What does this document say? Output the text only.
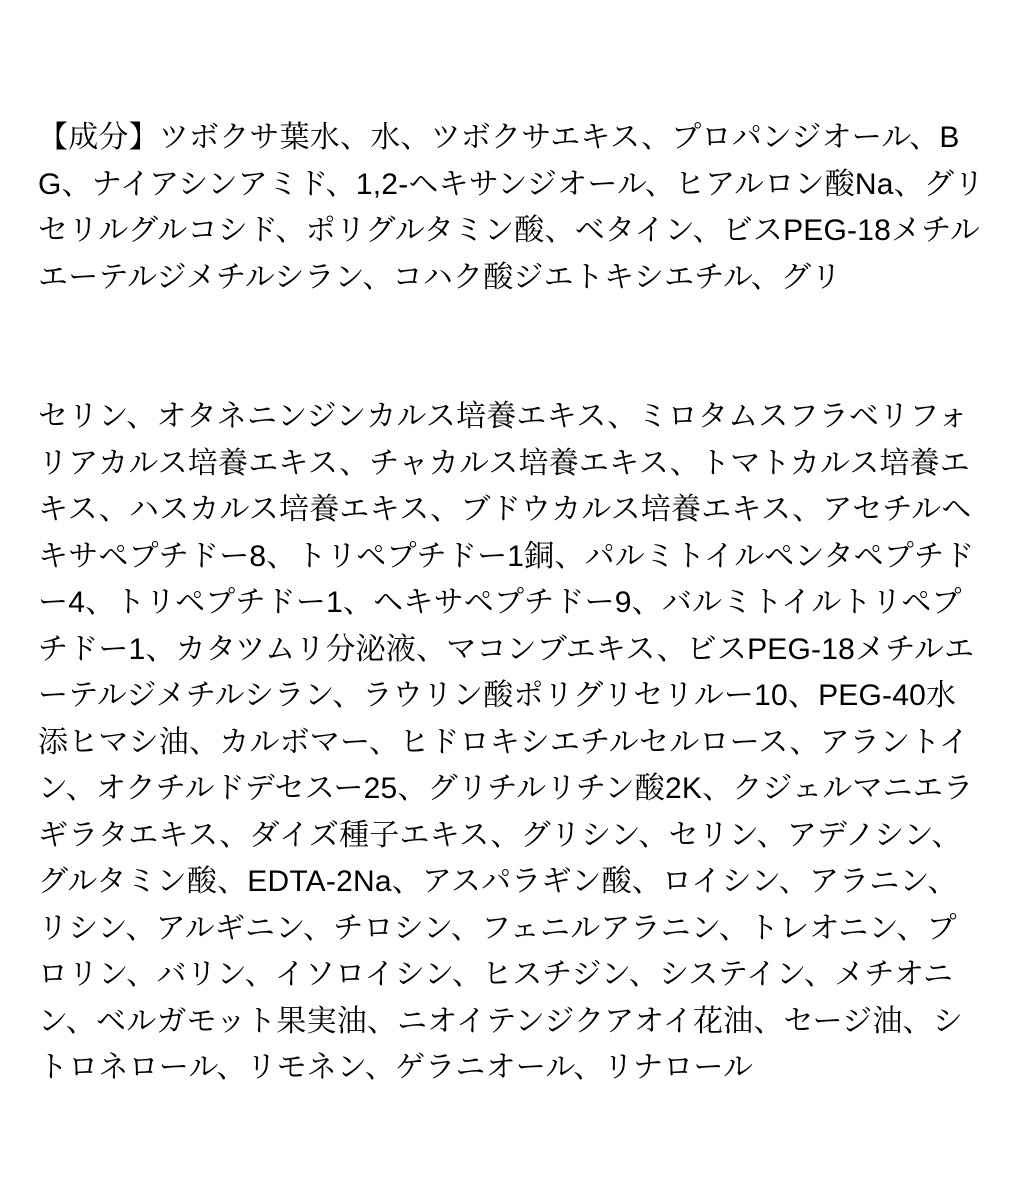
【成分】ツボクサ葉水、水、ツボクサエキス、プロパンジオール、BG、ナイアシンアミド、1,2-ヘキサンジオール、ヒアルロン酸Na、グリセリルグルコシド、ポリグルタミン酸、ベタイン、ビスPEG-18メチルエーテルジメチルシラン、コハク酸ジエトキシエチル、グリ

セリン、オタネニンジンカルス培養エキス、ミロタムスフラベリフォリアカルス培養エキス、チャカルス培養エキス、トマトカルス培養エキス、ハスカルス培養エキス、ブドウカルス培養エキス、アセチルヘキサペプチドー8、トリペプチドー1銅、パルミトイルペンタペプチドー4、トリペプチドー1、ヘキサペプチドー9、バルミトイルトリペプチドー1、カタツムリ分泌液、マコンブエキス、ビスPEG-18メチルエーテルジメチルシラン、ラウリン酸ポリグリセリルー10、PEG-40水添ヒマシ油、カルボマー、ヒドロキシエチルセルロース、アラントイン、オクチルドデセスー25、グリチルリチン酸2K、クジェルマニエラギラタエキス、ダイズ種子エキス、グリシン、セリン、アデノシン、グルタミン酸、EDTA-2Na、アスパラギン酸、ロイシン、アラニン、リシン、アルギニン、チロシン、フェニルアラニン、トレオニン、プロリン、バリン、イソロイシン、ヒスチジン、システイン、メチオニン、ベルガモット果実油、ニオイテンジクアオイ花油、セージ油、シトロネロール、リモネン、ゲラニオール、リナロール
